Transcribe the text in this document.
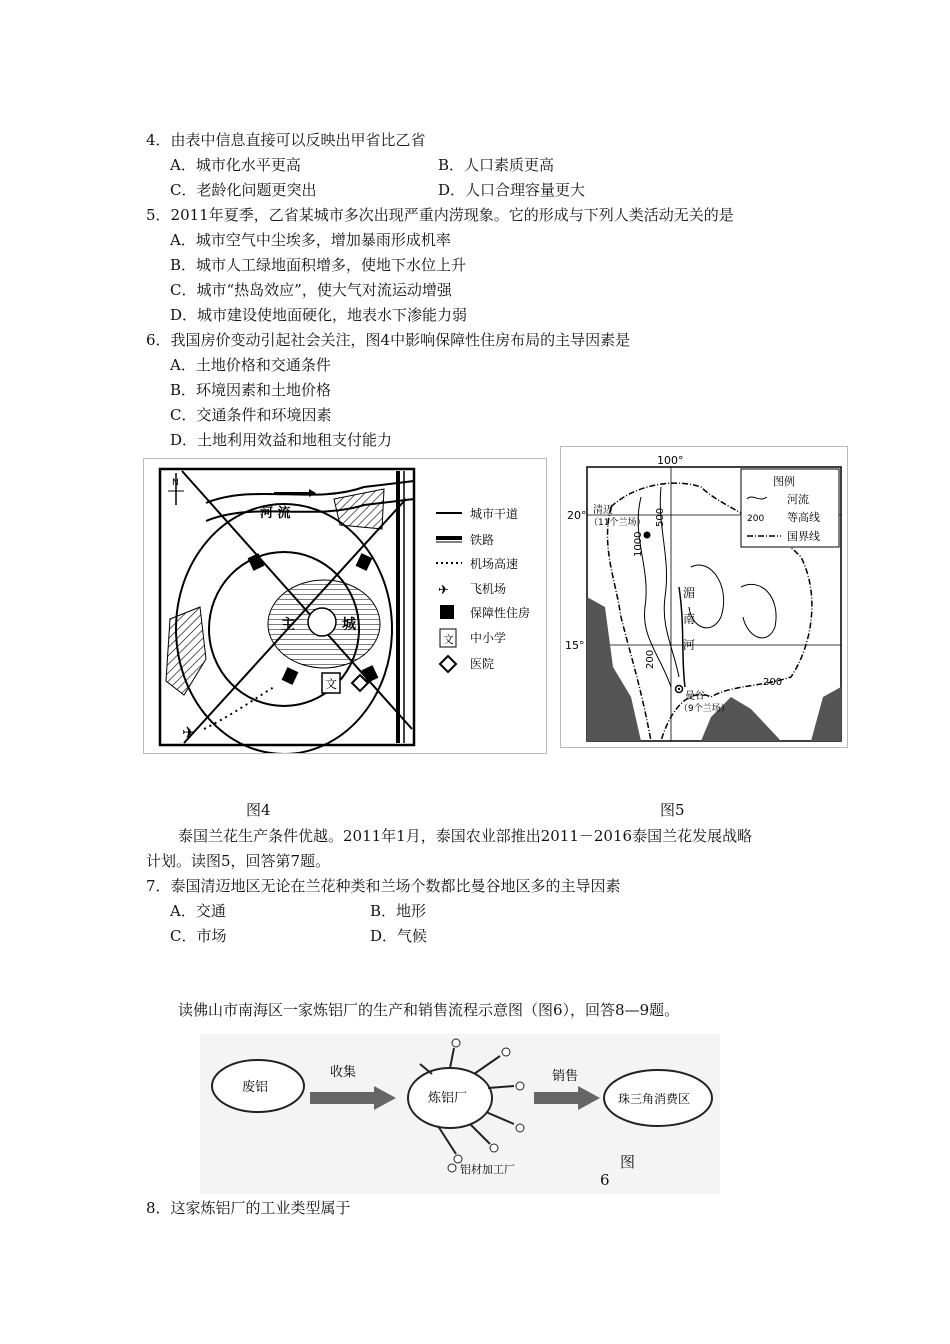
4．由表中信息直接可以反映出甲省比乙省
A．城市化水平更高	B．人口素质更高
C．老龄化问题更突出	D．人口合理容量更大
5．2011年夏季，乙省某城市多次出现严重内涝现象。它的形成与下列人类活动无关的是
A．城市空气中尘埃多，增加暴雨形成机率
B．城市人工绿地面积增多，使地下水位上升
C．城市“热岛效应”，使大气对流运动增强
D．城市建设使地面硬化，地表水下渗能力弱
6．我国房价变动引起社会关注，图4中影响保障性住房布局的主导因素是
A．土地价格和交通条件
B．环境因素和土地价格
C．交通条件和环境因素
D．土地利用效益和地租支付能力
N
河 流
主	城
文
✈
城市干道
铁路
机场高速
✈ 飞机场
保障性住房
文 中小学
医院
100°
20°
15°
500
1000
200
200
湄
南
河
清迈
（11个兰场）
曼谷
（9个兰场）
图例
河流
200 等高线
国界线
图4	图5
泰国兰花生产条件优越。2011年1月，泰国农业部推出2011－2016泰国兰花发展战略
计划。读图5，回答第7题。
7．泰国清迈地区无论在兰花种类和兰场个数都比曼谷地区多的主导因素
A．交通	B．地形
C．市场	D．气候
读佛山市南海区一家炼铝厂的生产和销售流程示意图（图6），回答8—9题。
废铝
收集
炼铝厂
销售
珠三角消费区
铝材加工厂	图
6
8．这家炼铝厂的工业类型属于
